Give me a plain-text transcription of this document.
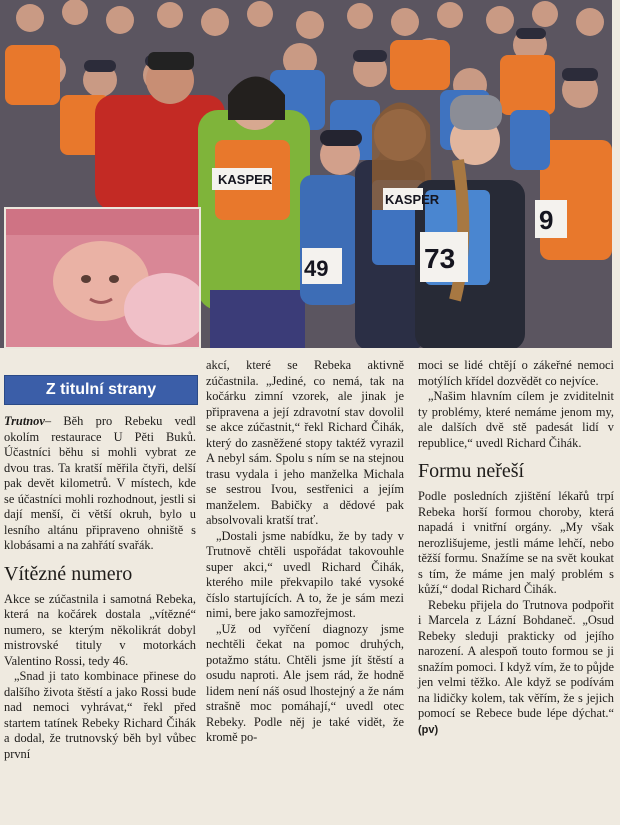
KASPER
KASPER
49	73
9
Z titulní strany

Trutnov– Běh pro Rebeku vedl okolím restaurace U Pěti Buků. Účastníci běhu si mohli vybrat ze dvou tras. Ta kratší měřila čtyři, delší pak devět kilometrů. V místech, kde se účastníci mohli rozhodnout, jestli si dají menší, či větší okruh, bylo u lesního altánu připraveno ohniště s klobásami a na zahřátí svařák.

Vítězné numero

Akce se zúčastnila i samotná Rebeka, která na kočárek dostala „vítězné“ numero, se kterým několikrát dobyl mistrovské tituly v motorkách Valentino Rossi, tedy 46.

„Snad ji tato kombinace přinese do dalšího života štěstí a jako Rossi bude nad nemoci vyhrávat,“ řekl před startem tatínek Rebeky Richard Čihák a dodal, že trutnovský běh byl vůbec první

akcí, které se Rebeka aktivně zúčastnila. „Jediné, co nemá, tak na kočárku zimní vzorek, ale jinak je připravena a její zdravotní stav dovolil se akce zúčastnit,“ řekl Richard Čihák, který do zasněžené stopy taktéž vyrazil A nebyl sám. Spolu s ním se na stejnou trasu vydala i jeho manželka Michala se sestrou Ivou, sestřenici a jejím manželem. Babičky a dědové pak absolvovali kratší trať.

„Dostali jsme nabídku, že by tady v Trutnově chtěli uspořádat takovouhle super akci,“ uvedl Richard Čihák, kterého mile překvapilo také vysoké číslo startujících. A to, že je sám mezi nimi, bere jako samozřejmost.

„Už od vyřčení diagnozy jsme nechtěli čekat na pomoc druhých, potažmo státu. Chtěli jsme jít štěstí a osudu naproti. Ale jsem rád, že hodně lidem není náš osud lhostejný a že nám strašně moc pomáhají,“ uvedl otec Rebeky. Podle něj je také vidět, že kromě po-

moci se lidé chtějí o zákeřné nemoci motýlích křídel dozvědět co nejvíce.

„Našim hlavním cílem je zviditelnit ty problémy, které nemáme jenom my, ale dalších dvě stě padesát lidí v republice,“ uvedl Richard Čihák.

Formu neřeší

Podle posledních zjištění lékařů trpí Rebeka horší formou choroby, která napadá i vnitřní orgány. „My však nerozlišujeme, jestli máme lehčí, nebo těžší formu. Snažíme se na svět koukat s tím, že máme jen malý problém s kůží,“ dodal Richard Čihák.

Rebeku přijela do Trutnova podpořit i Marcela z Lázní Bohdaneč. „Osud Rebeky sleduji prakticky od jejího narození. A alespoň touto formou se ji snažím pomoci. I když vím, že to půjde jen velmi těžko. Ale když se podívám na lidičky kolem, tak věřím, že s jejich pomocí se Rebece bude lépe dýchat.“ (pv)
